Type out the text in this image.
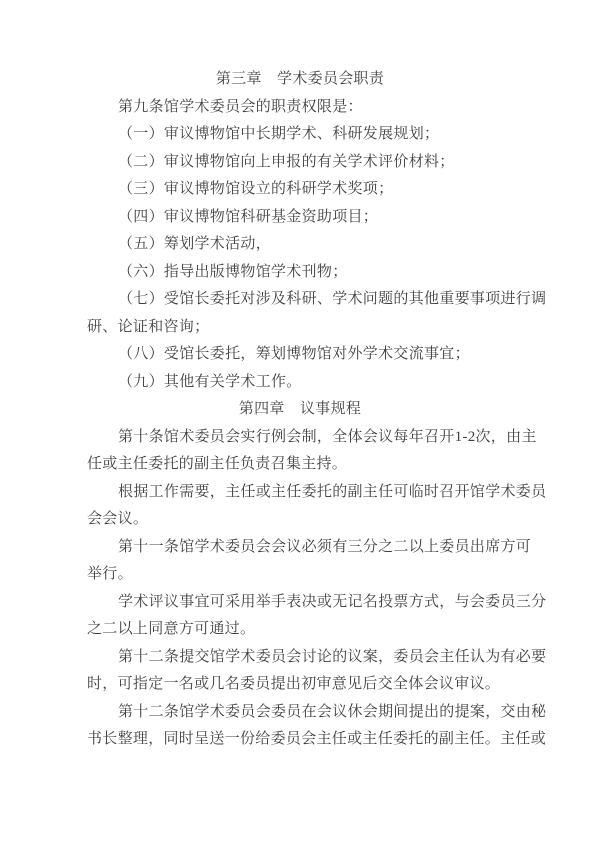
第三章　学术委员会职责
第九条馆学术委员会的职责权限是：
（一）审议博物馆中长期学术、科研发展规划；
（二）审议博物馆向上申报的有关学术评价材料；
（三）审议博物馆设立的科研学术奖项；
（四）审议博物馆科研基金资助项目；
（五）筹划学术活动，
（六）指导出版博物馆学术刊物；
（七）受馆长委托对涉及科研、学术问题的其他重要事项进行调
研、论证和咨询；
（八）受馆长委托，筹划博物馆对外学术交流事宜；
（九）其他有关学术工作。
第四章　议事规程
第十条馆术委员会实行例会制，全体会议每年召开1-2次，由主
任或主任委托的副主任负责召集主持。
根据工作需要，主任或主任委托的副主任可临时召开馆学术委员
会会议。
第十一条馆学术委员会会议必须有三分之二以上委员出席方可
举行。
学术评议事宜可采用举手表决或无记名投票方式，与会委员三分
之二以上同意方可通过。
第十二条提交馆学术委员会讨论的议案，委员会主任认为有必要
时，可指定一名或几名委员提出初审意见后交全体会议审议。
第十二条馆学术委员会委员在会议休会期间提出的提案，交由秘
书长整理，同时呈送一份给委员会主任或主任委托的副主任。主任或
